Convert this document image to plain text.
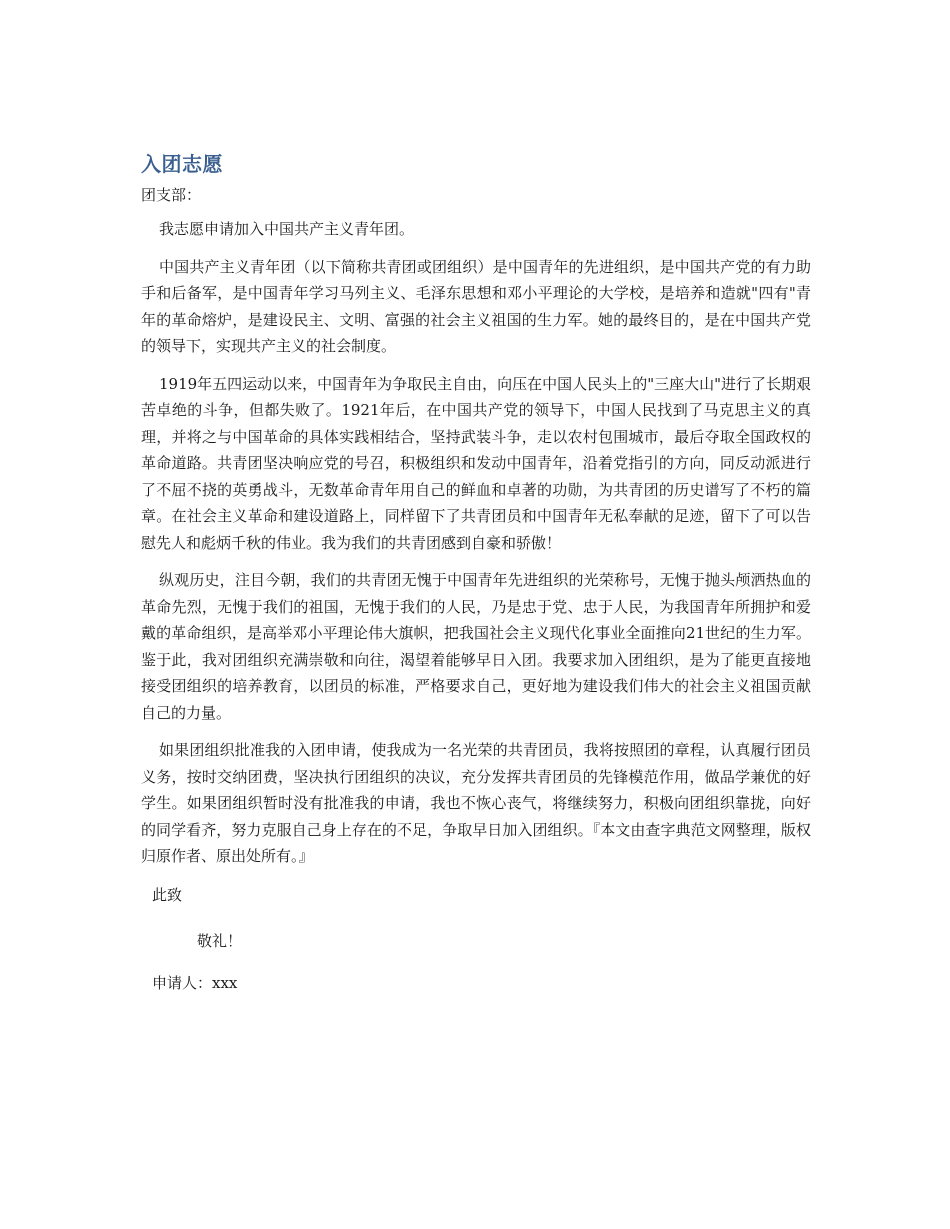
入团志愿

团支部：

我志愿申请加入中国共产主义青年团。

中国共产主义青年团（以下简称共青团或团组织）是中国青年的先进组织，是中国共产党的有力助手和后备军，是中国青年学习马列主义、毛泽东思想和邓小平理论的大学校，是培养和造就"四有"青年的革命熔炉，是建设民主、文明、富强的社会主义祖国的生力军。她的最终目的，是在中国共产党的领导下，实现共产主义的社会制度。

1919年五四运动以来，中国青年为争取民主自由，向压在中国人民头上的"三座大山"进行了长期艰苦卓绝的斗争，但都失败了。1921年后，在中国共产党的领导下，中国人民找到了马克思主义的真理，并将之与中国革命的具体实践相结合，坚持武装斗争，走以农村包围城市，最后夺取全国政权的革命道路。共青团坚决响应党的号召，积极组织和发动中国青年，沿着党指引的方向，同反动派进行了不屈不挠的英勇战斗，无数革命青年用自己的鲜血和卓著的功勋，为共青团的历史谱写了不朽的篇章。在社会主义革命和建设道路上，同样留下了共青团员和中国青年无私奉献的足迹，留下了可以告慰先人和彪炳千秋的伟业。我为我们的共青团感到自豪和骄傲！

纵观历史，注目今朝，我们的共青团无愧于中国青年先进组织的光荣称号，无愧于抛头颅洒热血的革命先烈，无愧于我们的祖国，无愧于我们的人民，乃是忠于党、忠于人民，为我国青年所拥护和爱戴的革命组织，是高举邓小平理论伟大旗帜，把我国社会主义现代化事业全面推向21世纪的生力军。鉴于此，我对团组织充满崇敬和向往，渴望着能够早日入团。我要求加入团组织，是为了能更直接地接受团组织的培养教育，以团员的标准，严格要求自己，更好地为建设我们伟大的社会主义祖国贡献自己的力量。

如果团组织批准我的入团申请，使我成为一名光荣的共青团员，我将按照团的章程，认真履行团员义务，按时交纳团费，坚决执行团组织的决议，充分发挥共青团员的先锋模范作用，做品学兼优的好学生。如果团组织暂时没有批准我的申请，我也不恢心丧气，将继续努力，积极向团组织靠拢，向好的同学看齐，努力克服自己身上存在的不足，争取早日加入团组织。『本文由查字典范文网整理，版权归原作者、原出处所有。』

此致

敬礼！

申请人：xxx
